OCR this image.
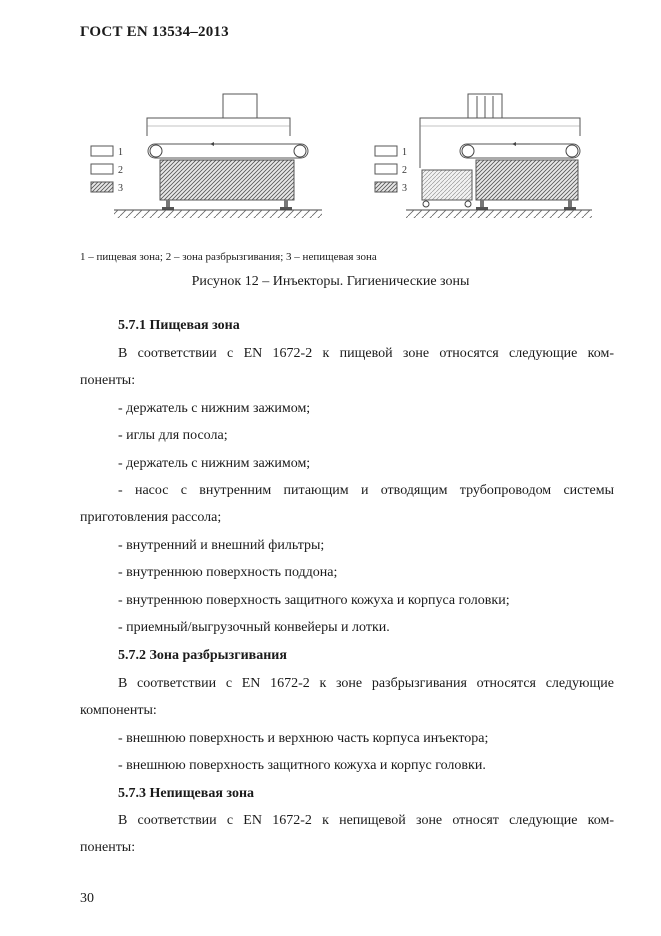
ГОСТ EN 13534–2013
1
2
3
1
2
3
1 – пищевая зона; 2 – зона разбрызгивания; 3 – непищевая зона
Рисунок 12 – Инъекторы. Гигиенические зоны
5.7.1 Пищевая зона
В соответствии с EN 1672-2 к пищевой зоне относятся следующие ком-
поненты:
- держатель с нижним зажимом;
- иглы для посола;
- держатель с нижним зажимом;
- насос с внутренним питающим и отводящим трубопроводом системы
приготовления рассола;
- внутренний и внешний фильтры;
- внутреннюю поверхность поддона;
- внутреннюю поверхность защитного кожуха и корпуса головки;
- приемный/выгрузочный конвейеры и лотки.
5.7.2 Зона разбрызгивания
В соответствии с EN 1672-2 к зоне разбрызгивания относятся следующие
компоненты:
- внешнюю поверхность и верхнюю часть корпуса инъектора;
- внешнюю поверхность защитного кожуха и корпус головки.
5.7.3 Непищевая зона
В соответствии с EN 1672-2 к непищевой зоне относят следующие ком-
поненты:
30
